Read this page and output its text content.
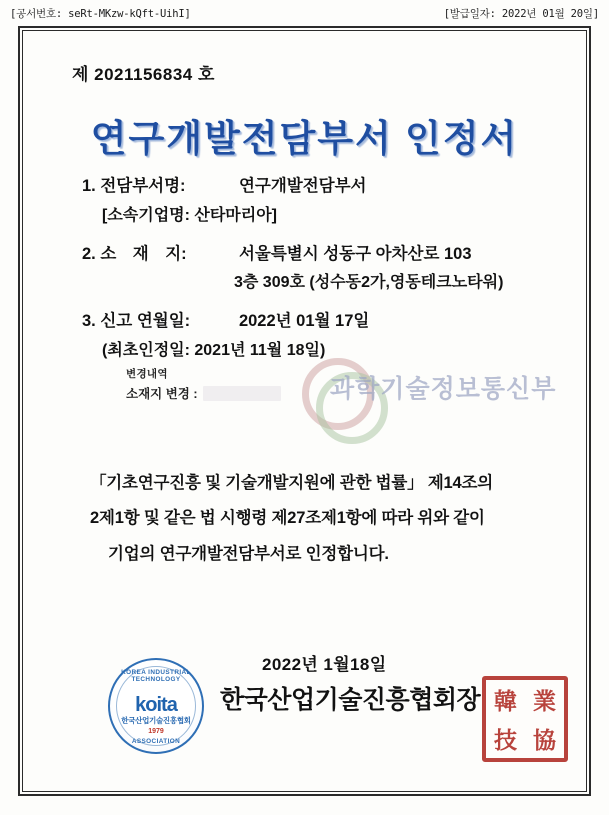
[공서번호: seRt-MKzw-kQft-UihI]	[발급일자: 2022년 01월 20일]
제 2021156834 호
연구개발전담부서 인정서
1. 전담부서명:	연구개발전담부서
[소속기업명: 산타마리아]
2. 소　재　지:	서울특별시 성동구 아차산로 103
3층 309호 (성수동2가,영동테크노타워)
3. 신고 연월일:	2022년 01월 17일
(최초인정일: 2021년 11월 18일)
변경내역
소재지 변경 :	과학기술정보통신부
「기초연구진흥 및 기술개발지원에 관한 법률」 제14조의
2제1항 및 같은 법 시행령 제27조제1항에 따라 위와 같이
기업의 연구개발전담부서로 인정합니다.
2022년 1월18일
한국산업기술진흥협회장
KOREA INDUSTRIAL TECHNOLOGY
koita
한국산업기술진흥협회
1979
ASSOCIATION
韓 業
技 協
